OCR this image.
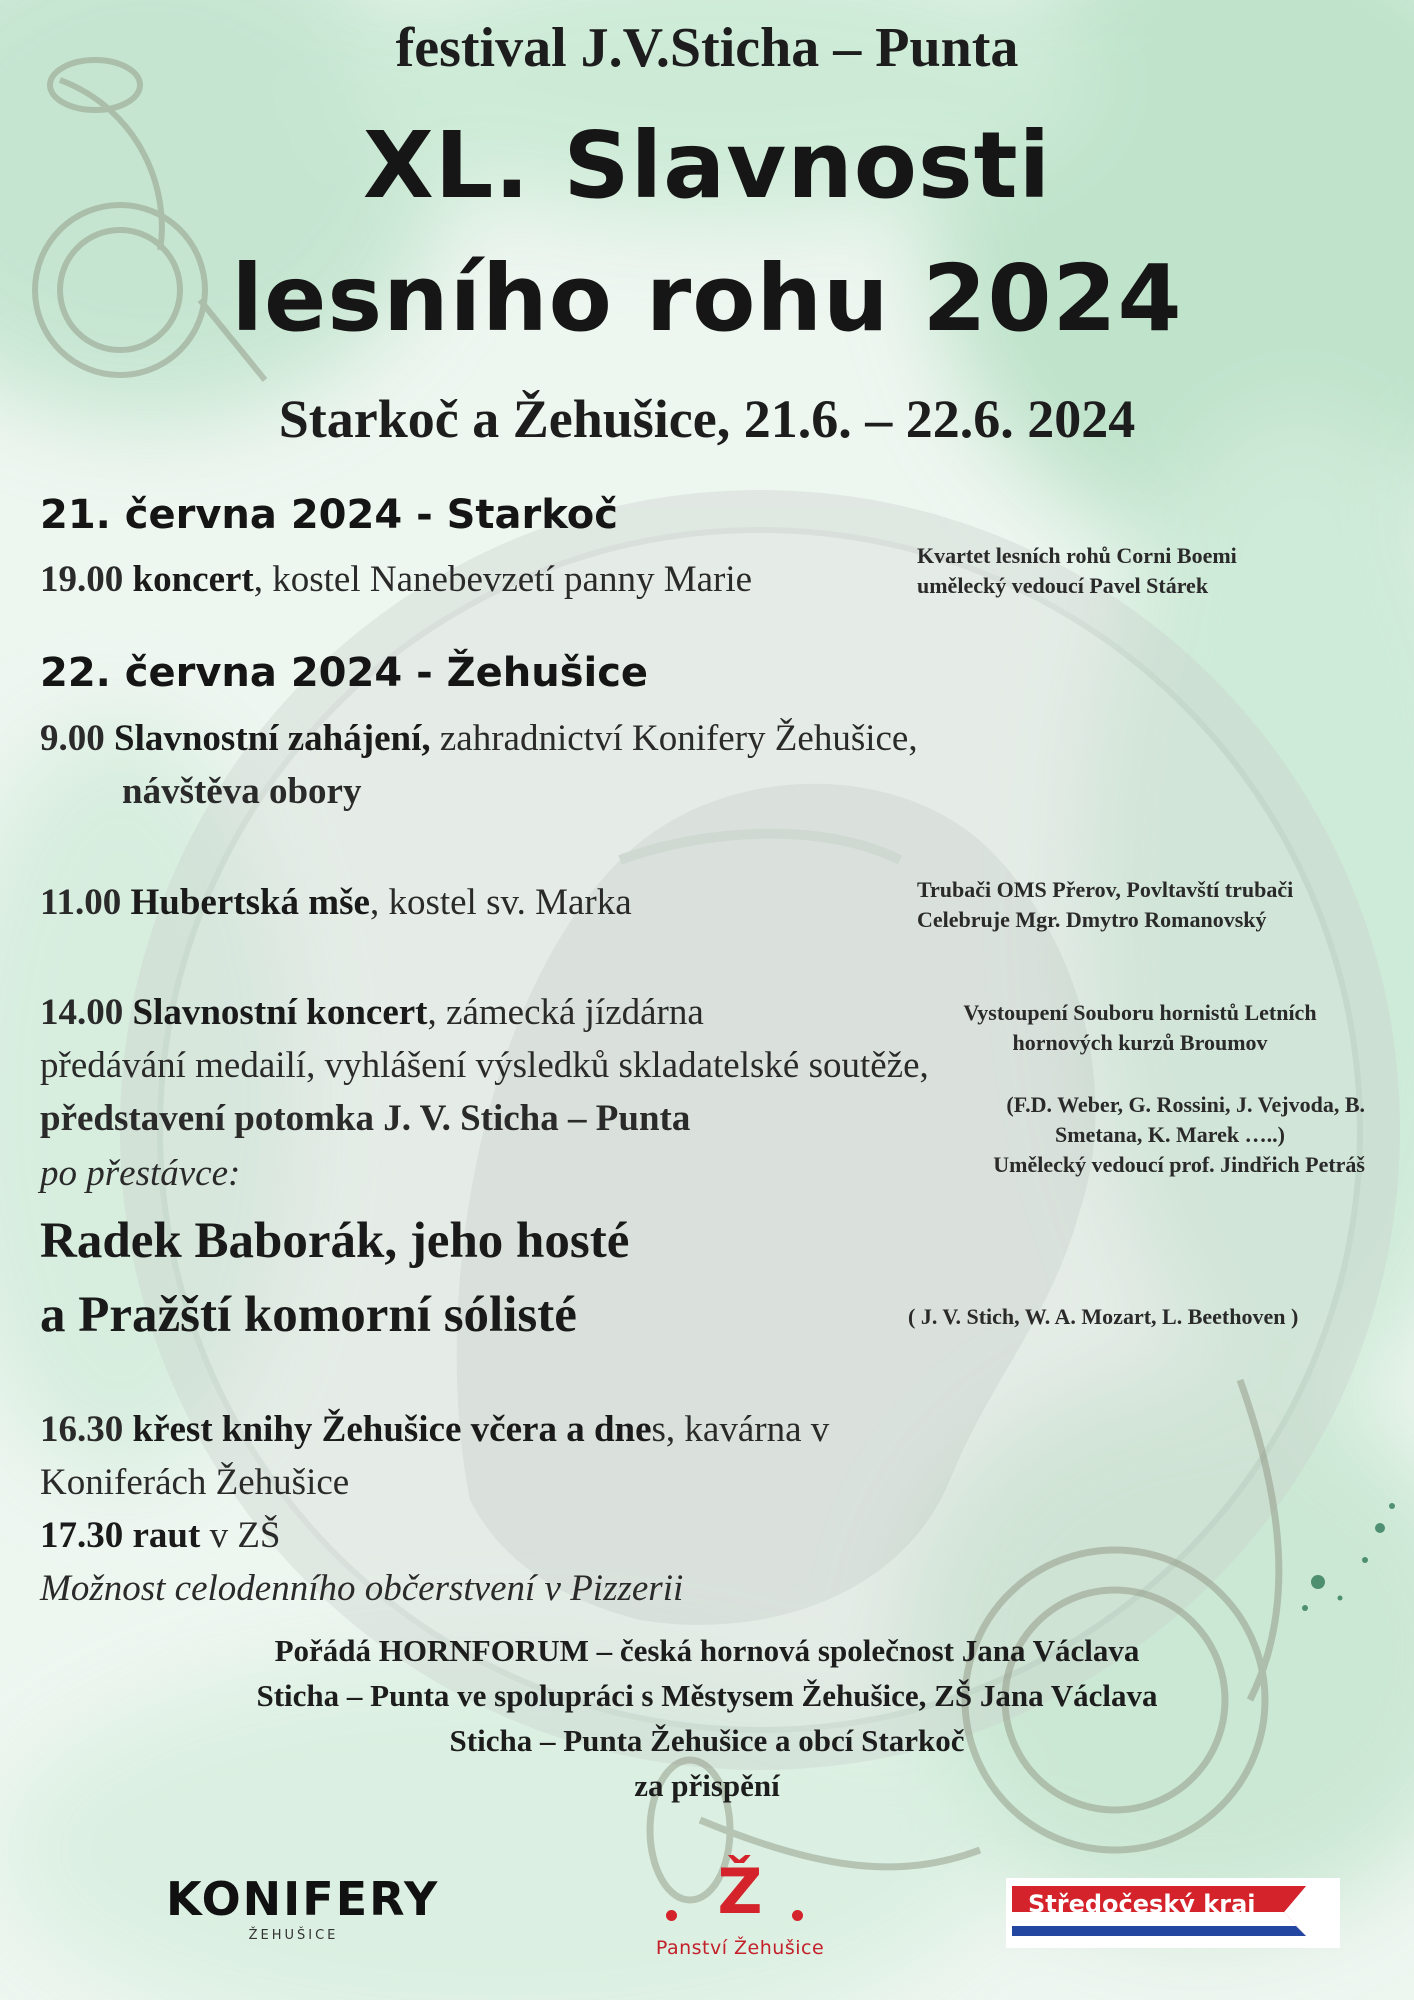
festival J.V.Sticha – Punta
XL. Slavnosti
lesního rohu 2024
Starkoč a Žehušice, 21.6. – 22.6. 2024
21. června 2024 - Starkoč
19.00 koncert, kostel Nanebevzetí panny Marie
Kvartet lesních rohů Corni Boemi
umělecký vedoucí Pavel Stárek
22. června 2024 - Žehušice
9.00 Slavnostní zahájení, zahradnictví Konifery Žehušice,
návštěva obory
11.00 Hubertská mše, kostel sv. Marka	Trubači OMS Přerov, Povltavští trubači
Celebruje Mgr. Dmytro Romanovský
14.00 Slavnostní koncert, zámecká jízdárna
předávání medailí, vyhlášení výsledků skladatelské soutěže,
představení potomka J. V. Sticha – Punta
po přestávce:
Radek Baborák, jeho hosté
a Pražští komorní sólisté
Vystoupení Souboru hornistů Letních
hornových kurzů Broumov
(F.D. Weber, G. Rossini, J. Vejvoda, B.
Smetana, K. Marek …..)
Umělecký vedoucí prof. Jindřich Petráš
( J. V. Stich, W. A. Mozart, L. Beethoven )
16.30 křest knihy Žehušice včera a dnes, kavárna v
Koniferách Žehušice
17.30 raut v ZŠ
Možnost celodenního občerstvení v Pizzerii
Pořádá HORNFORUM – česká hornová společnost Jana Václava
Sticha – Punta ve spolupráci s Městysem Žehušice, ZŠ Jana Václava
Sticha – Punta Žehušice a obcí Starkoč
za přispění
KONIFERY
ŽEHUŠICE
Ž
Panství Žehušice
Středočeský kraj
